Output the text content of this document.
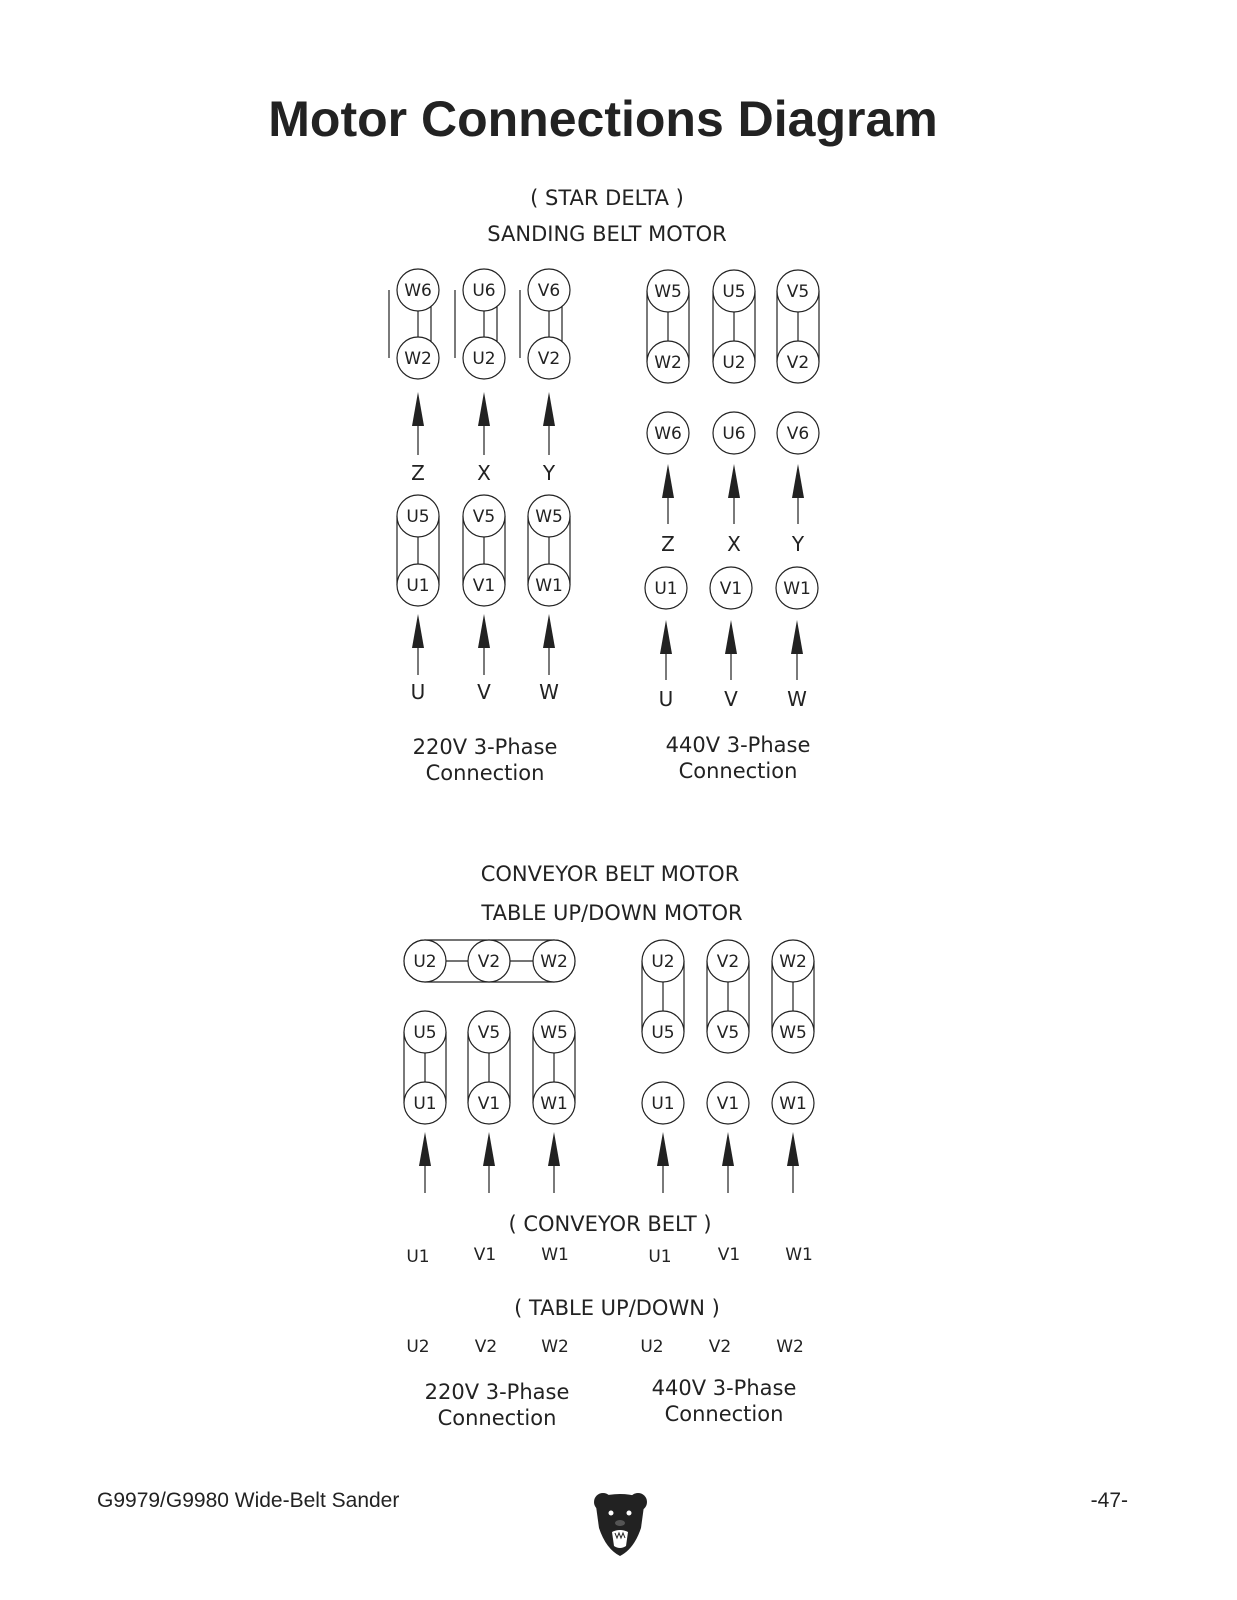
Motor Connections Diagram
( STAR DELTA )
SANDING BELT MOTOR
W6
W2
U6
U2
V6
V2
Z	X	Y
U5
U1
V5
V1
W5
W1
U	V W
220V 3-Phase
Connection
W5
W2
U5
U2
V5
V2
W6 U6 V6
Z	X	Y
U1 V1 W1
U	V W
440V 3-Phase
Connection
CONVEYOR BELT MOTOR
TABLE UP/DOWN MOTOR
U2 V2 W2
U5
U1
V5
V1
W5
W1
U2
U5
V2
V5
W2
W5
U1 V1 W1
( CONVEYOR BELT )
U1	V1	W1	U1	V1	W1
( TABLE UP/DOWN )
U2	V2	W2	U2	V2	W2
220V 3-Phase
Connection
440V 3-Phase
Connection
G9979/G9980 Wide-Belt Sander	-47-
